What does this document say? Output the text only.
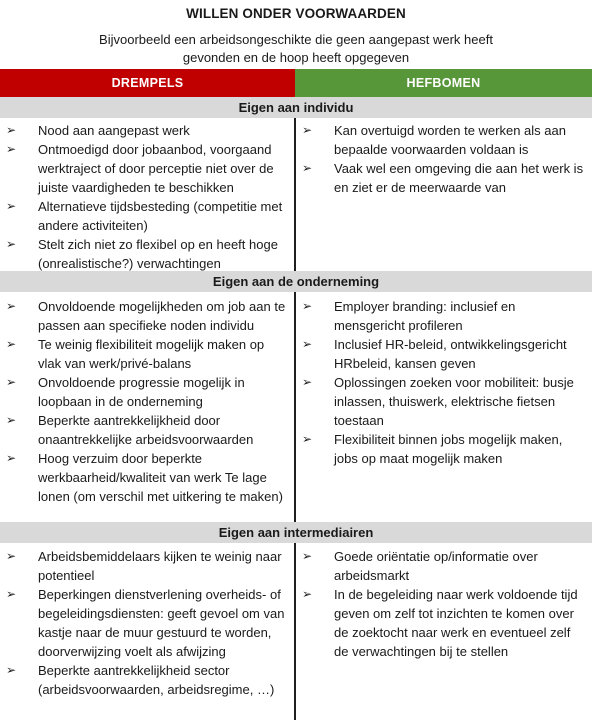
WILLEN ONDER VOORWAARDEN
Bijvoorbeeld een arbeidsongeschikte die geen aangepast werk heeft
gevonden en de hoop heeft opgegeven
DREMPELS	HEFBOMEN
Eigen aan individu
➢ Nood aan aangepast werk
➢ Ontmoedigd door jobaanbod, voorgaand werktraject of door perceptie niet over de juiste vaardigheden te beschikken
➢ Alternatieve tijdsbesteding (competitie met andere activiteiten)
➢ Stelt zich niet zo flexibel op en heeft hoge (onrealistische?) verwachtingen
➢ Kan overtuigd worden te werken als aan bepaalde voorwaarden voldaan is
➢ Vaak wel een omgeving die aan het werk is en ziet er de meerwaarde van
Eigen aan de onderneming
➢ Onvoldoende mogelijkheden om job aan te passen aan specifieke noden individu
➢ Te weinig flexibiliteit mogelijk maken op vlak van werk/privé-balans
➢ Onvoldoende progressie mogelijk in loopbaan in de onderneming
➢ Beperkte aantrekkelijkheid door onaantrekkelijke arbeidsvoorwaarden
➢ Hoog verzuim door beperkte werkbaarheid/kwaliteit van werk Te lage lonen (om verschil met uitkering te maken)
➢ Employer branding: inclusief en mensgericht profileren
➢ Inclusief HR-beleid, ontwikkelingsgericht HRbeleid, kansen geven
➢ Oplossingen zoeken voor mobiliteit: busje inlassen, thuiswerk, elektrische fietsen toestaan
➢ Flexibiliteit binnen jobs mogelijk maken, jobs op maat mogelijk maken
Eigen aan intermediairen
➢ Arbeidsbemiddelaars kijken te weinig naar potentieel
➢ Beperkingen dienstverlening overheids- of begeleidingsdiensten: geeft gevoel om van kastje naar de muur gestuurd te worden, doorverwijzing voelt als afwijzing
➢ Beperkte aantrekkelijkheid sector (arbeidsvoorwaarden, arbeidsregime, …)
➢ Goede oriëntatie op/informatie over arbeidsmarkt
➢ In de begeleiding naar werk voldoende tijd geven om zelf tot inzichten te komen over de zoektocht naar werk en eventueel zelf de verwachtingen bij te stellen
